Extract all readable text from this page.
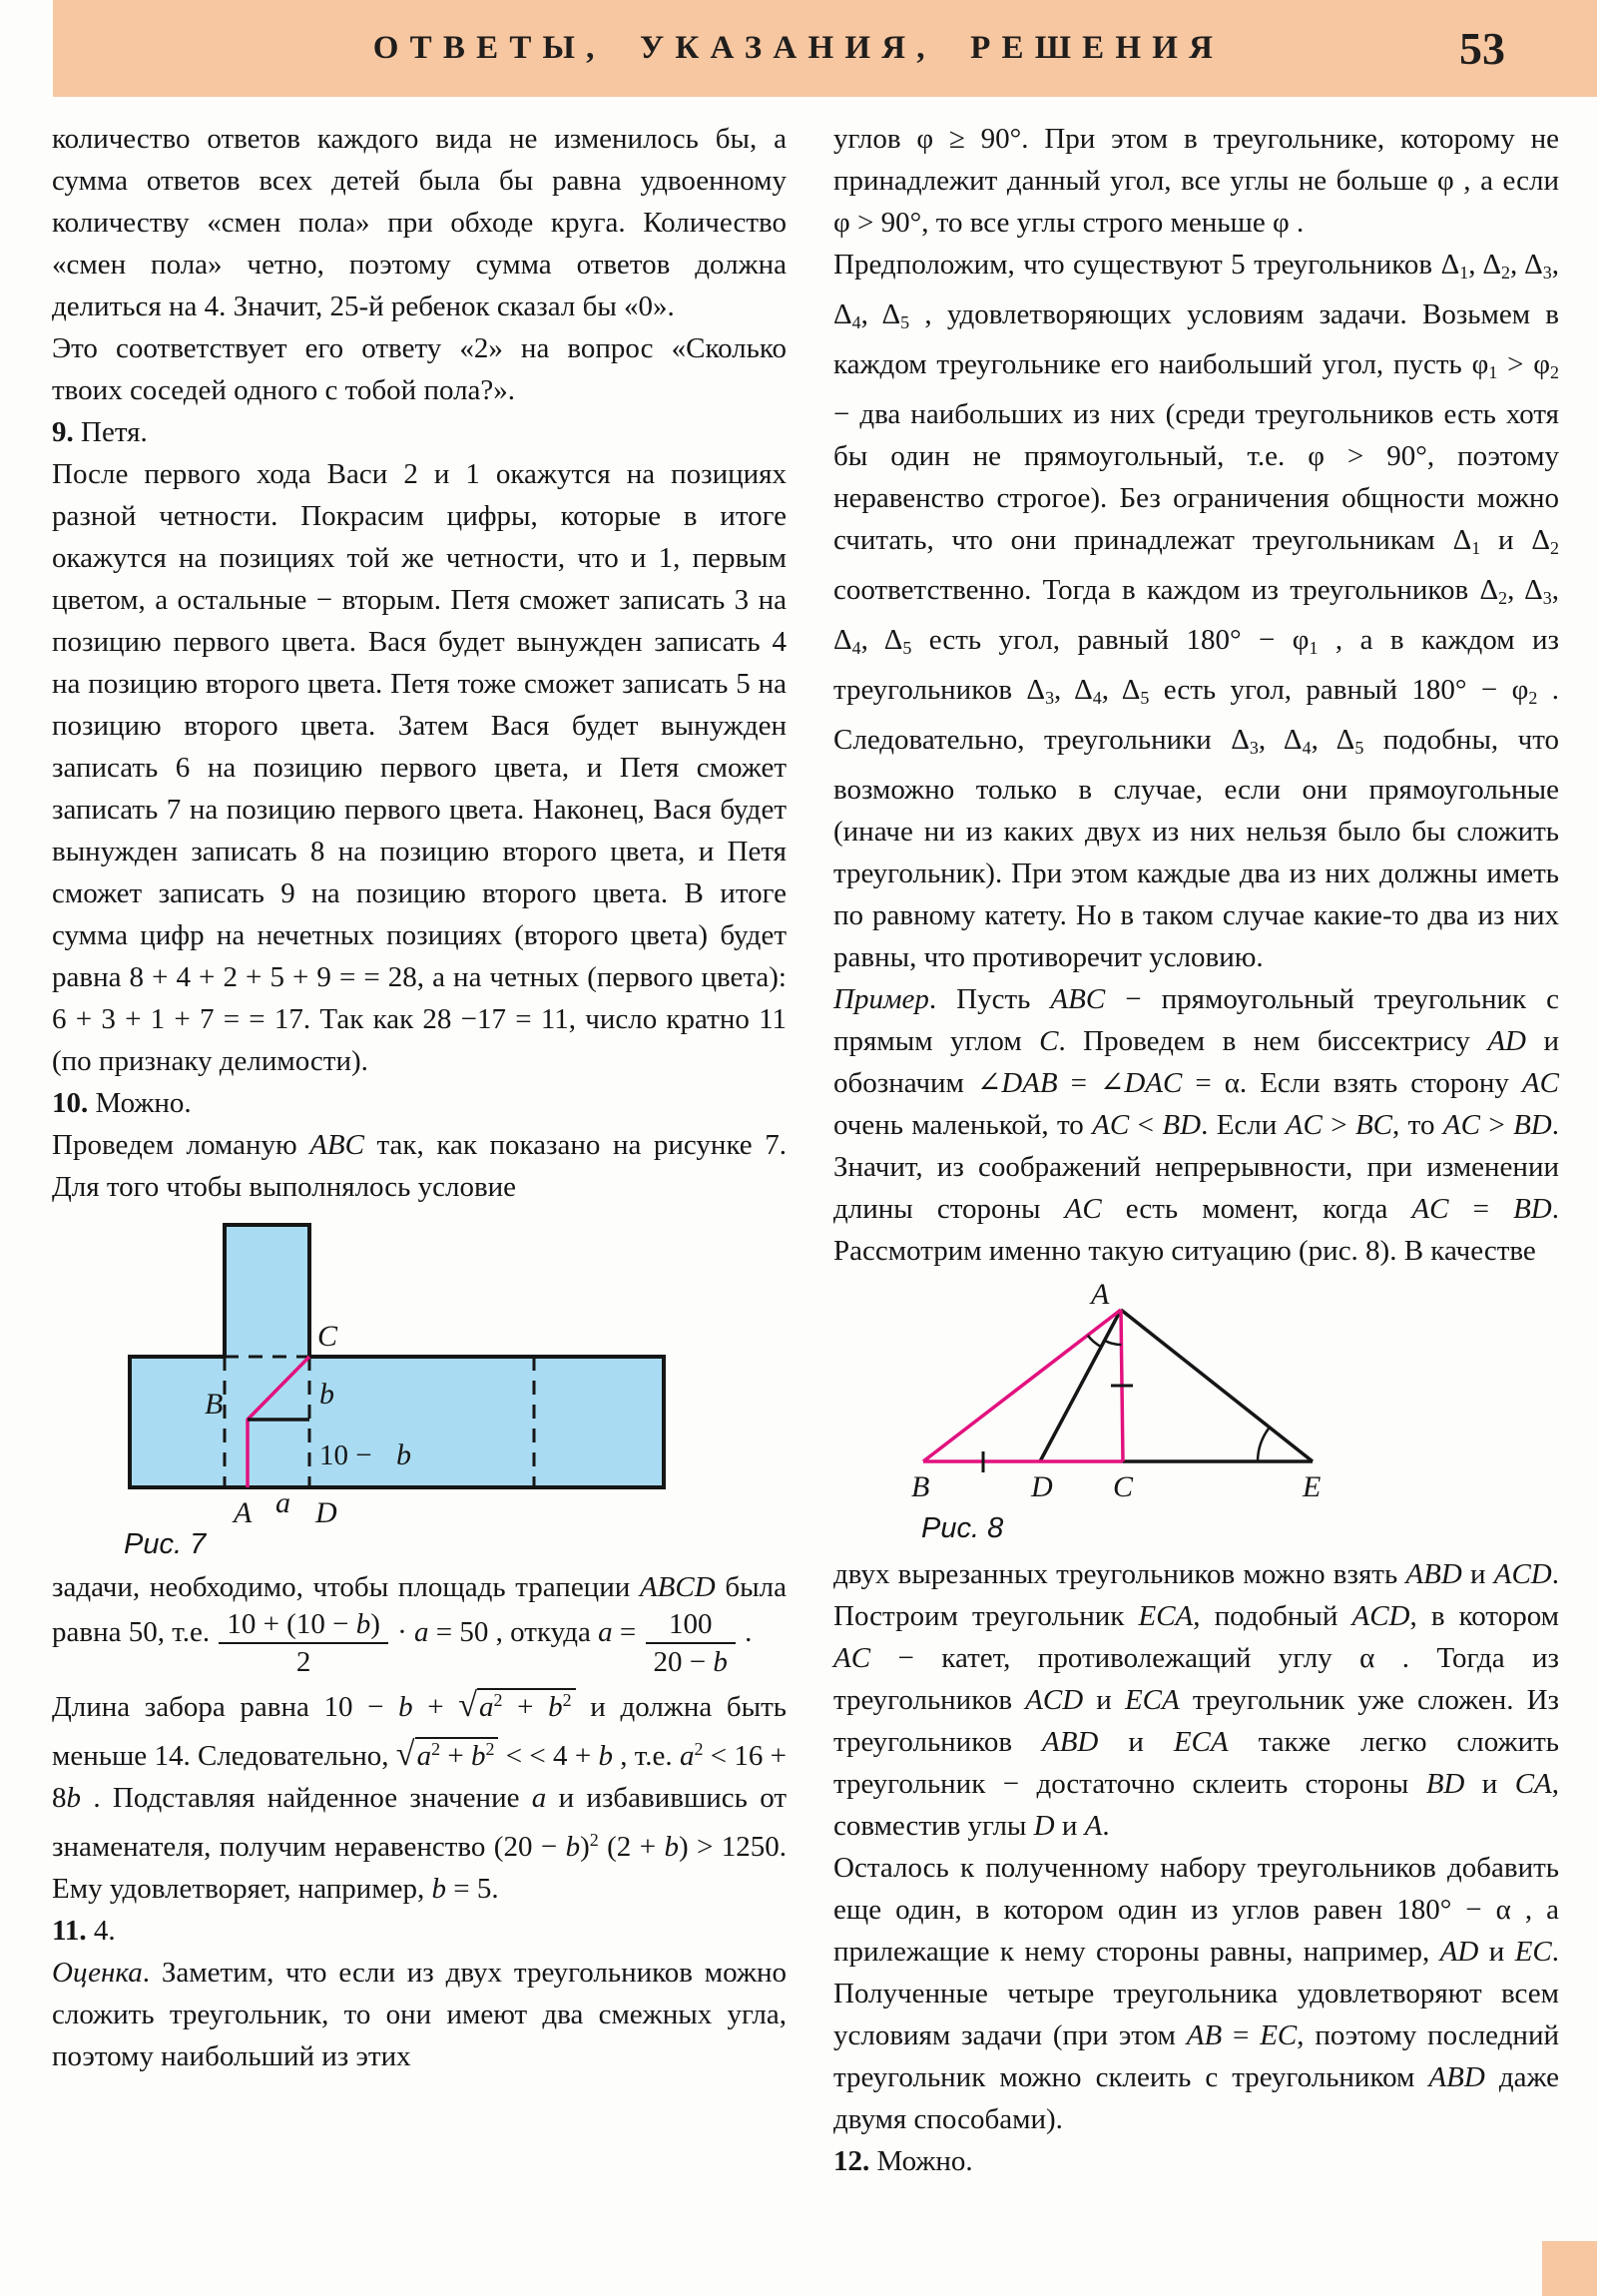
ОТВЕТЫ, УКАЗАНИЯ, РЕШЕНИЯ	53

количество ответов каждого вида не изменилось бы, а сумма ответов всех детей была бы равна удвоенному количеству «смен пола» при обходе круга. Количество «смен пола» четно, поэтому сумма ответов должна делиться на 4. Значит, 25-й ребенок сказал бы «0».

Это соответствует его ответу «2» на вопрос «Сколько твоих соседей одного с тобой пола?».

9. Петя.

После первого хода Васи 2 и 1 окажутся на позициях разной четности. Покрасим цифры, которые в итоге окажутся на позициях той же четности, что и 1, первым цветом, а остальные − вторым. Петя сможет записать 3 на позицию первого цвета. Вася будет вынужден записать 4 на позицию второго цвета. Петя тоже сможет записать 5 на позицию второго цвета. Затем Вася будет вынужден записать 6 на позицию первого цвета, и Петя сможет записать 7 на позицию первого цвета. Наконец, Вася будет вынужден записать 8 на позицию второго цвета, и Петя сможет записать 9 на позицию второго цвета. В итоге сумма цифр на нечетных позициях (второго цвета) будет равна 8 + 4 + 2 + 5 + 9 = = 28, а на четных (первого цвета): 6 + 3 + 1 + 7 = = 17. Так как 28 −17 = 11, число кратно 11 (по признаку делимости).

10. Можно.

Проведем ломаную ABC так, как показано на рисунке 7. Для того чтобы выполнялось условие

C
B	b
10 − b
A a D
Рис. 7

задачи, необходимо, чтобы площадь трапеции ABCD была равна 50, т.е. $\frac{10 + (10 - b)}{2} \cdot a = 50$ , откуда $a = \frac{100}{20 - b}$ .

Длина забора равна $10 - b + √a^2 + b^2$ и должна быть меньше 14. Следовательно, $√a^2 + b^2$ < < 4 + b , т.е. $a^2 < 16 + 8b$ . Подставляя найденное значение a и избавившись от знаменателя, получим неравенство $(20 - b)^2$ (2 + b) > 1250. Ему удовлетворяет, например, b = 5.

11. 4.

Оценка. Заметим, что если из двух треугольников можно сложить треугольник, то они имеют два смежных угла, поэтому наибольший из этих

углов φ ≥ 90°. При этом в треугольнике, которому не принадлежит данный угол, все углы не больше φ , а если φ > 90°, то все углы строго меньше φ .

Предположим, что существуют 5 треугольников Δ1, Δ2, Δ3, Δ4, Δ5 , удовлетворяющих условиям задачи. Возьмем в каждом треугольнике его наибольший угол, пусть φ1 > φ2 − два наибольших из них (среди треугольников есть хотя бы один не прямоугольный, т.е. φ > 90°, поэтому неравенство строгое). Без ограничения общности можно считать, что они принадлежат треугольникам Δ1 и Δ2 соответственно. Тогда в каждом из треугольников Δ2, Δ3, Δ4, Δ5 есть угол, равный 180° − φ1 , а в каждом из треугольников Δ3, Δ4, Δ5 есть угол, равный 180° − φ2 . Следовательно, треугольники Δ3, Δ4, Δ5 подобны, что возможно только в случае, если они прямоугольные (иначе ни из каких двух из них нельзя было бы сложить треугольник). При этом каждые два из них должны иметь по равному катету. Но в таком случае какие-то два из них равны, что противоречит условию.

Пример. Пусть ABC − прямоугольный треугольник с прямым углом C. Проведем в нем биссектрису AD и обозначим ∠DAB = ∠DAC = α. Если взять сторону AC очень маленькой, то AC < BD. Если AC > BC, то AC > BD. Значит, из соображений непрерывности, при изменении длины стороны AC есть момент, когда AC = BD. Рассмотрим именно такую ситуацию (рис. 8). В качестве

A
B	D C	E
Рис. 8

двух вырезанных треугольников можно взять ABD и ACD. Построим треугольник ECA, подобный ACD, в котором AC − катет, противолежащий углу α . Тогда из треугольников ACD и ECA треугольник уже сложен. Из треугольников ABD и ECA также легко сложить треугольник − достаточно склеить стороны BD и CA, совместив углы D и A.

Осталось к полученному набору треугольников добавить еще один, в котором один из углов равен 180° − α , а прилежащие к нему стороны равны, например, AD и EC. Полученные четыре треугольника удовлетворяют всем условиям задачи (при этом AB = EC, поэтому последний треугольник можно склеить с треугольником ABD даже двумя способами).

12. Можно.
